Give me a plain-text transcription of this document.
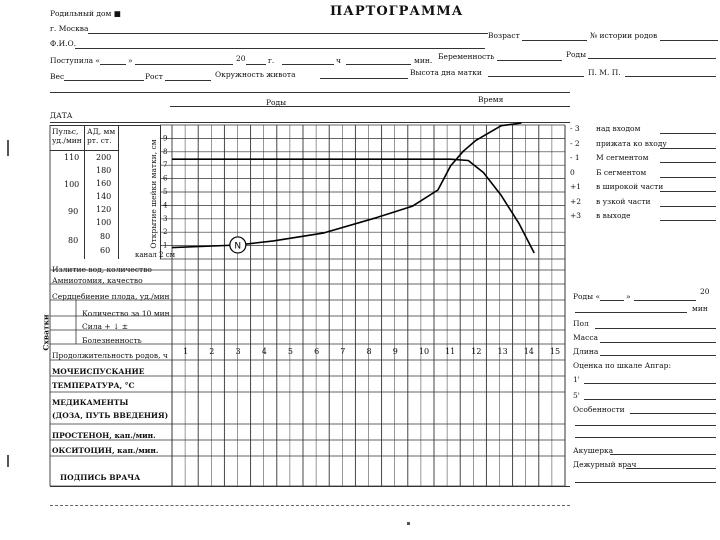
Родильный дом ■	ПАРТОГРАММА
г. Москва
Ф.И.О.
Возраст	№ истории родов
Поступила «	»	20	г.	ч	мин. Беременность	Роды
Вес	Рост	Окружность живота	Высота дна матки	П. М. П.
Роды	Время
ДАТА
Пульс, уд./мин
АД, мм рт. ст.
110
100
90
80
200
180
160
140
120
100
80
60
Открытие шейки матки, см
9
8
7
6
5
4
3
2
1	N
канал 2 см
- 3 над входом
- 2 прижата ко входу
- 1 М сегментом
0	Б сегментом
+1 в широкой части
+2 в узкой части
+3 в выходе
Излитие вод, количество
Амниотомия, качество
Сердцебиение плода, уд./мин
Схватки
Количество за 10 мин
Сила + ↓ ±
Болезненность
Продолжительность родов, ч 1	2	3	4	5	6	7	8	9	10 11 12 13 14 15
МОЧЕИСПУСКАНИЕ
ТЕМПЕРАТУРА, °С
МЕДИКАМЕНТЫ
(ДОЗА, ПУТЬ ВВЕДЕНИЯ)
ПРОСТЕНОН, кап./мин.
ОКСИТОЦИН, кап./мин.
ПОДПИСЬ ВРАЧА
Роды «	»
20
мин
Пол
Масса
Длина
Оценка по шкале Апгар:
1'
5'
Особенности
Акушерка
Дежурный врач
